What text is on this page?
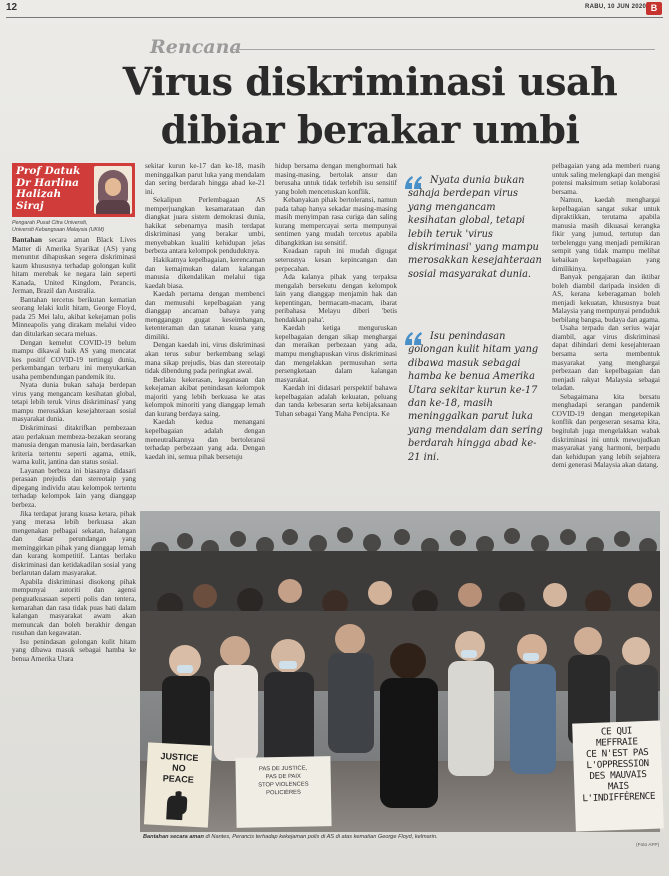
12	RABU, 10 JUN 2020 B
Rencana
Virus diskriminasi usah
dibiar berakar umbi
Prof Datuk
Dr Harlina
Halizah
Siraj
Pengarah Pusat Citra Universiti,
Universiti Kebangsaan Malaysia (UKM)

Bantahan secara aman Black Lives Matter di Amerika Syarikat (AS) yang menuntut dihapuskan segera diskriminasi kaum khususnya terhadap golongan kulit hitam merebak ke negara lain seperti Kanada, United Kingdom, Perancis, Jerman, Brazil dan Australia.

Bantahan tercetus berikutan kematian seorang lelaki kulit hitam, George Floyd, pada 25 Mei lalu, akibat kekejaman polis Minneapolis yang dirakam melalui video dan ditularkan secara meluas.

Dengan kemelut COVID-19 belum mampu dikawal baik AS yang mencatat kes positif COVID-19 tertinggi dunia, perkembangan terbaru ini menyukarkan usaha pembendungan pandemik itu.

Nyata dunia bukan sahaja berdepan virus yang mengancam kesihatan global, tetapi lebih teruk 'virus diskriminasi' yang mampu merosakkan kesejahteraan sosial masyarakat dunia.

Diskriminasi ditakrifkan pembezaan atau perlakuan membeza-bezakan seorang manusia dengan manusia lain, berdasarkan kriteria tertentu seperti agama, etnik, warna kulit, jantina dan status sosial.

Layanan berbeza ini biasanya didasari perasaan prejudis dan stereotaip yang dipegang individu atau kelompok tertentu terhadap kelompok lain yang dianggap berbeza.

Jika terdapat jurang kuasa ketara, pihak yang merasa lebih berkuasa akan mengenakan pelbagai sekatan, halangan dan dasar perundangan yang meminggirkan pihak yang dianggap lemah dan kurang kompetitif. Lantas berlaku diskriminasi dan ketidakadilan sosial yang berlarutan dalam masyarakat.

Apabila diskriminasi disokong pihak mempunyai autoriti dan agensi penguatkuasaan seperti polis dan tentera, kemarahan dan rasa tidak puas hati dalam kalangan masyarakat awam akan memuncak dan boleh berakhir dengan rusuhan dan kegawatan.

Isu penindasan golongan kulit hitam yang dibawa masuk sebagai hamba ke benua Amerika Utara

sekitar kurun ke-17 dan ke-18, masih meninggalkan parut luka yang mendalam dan sering berdarah hingga abad ke-21 ini.

Sekalipun Perlembagaan AS memperjuangkan kesamarataan dan diangkat juara sistem demokrasi dunia, hakikat sebenarnya masih terdapat diskriminasi yang berakar umbi, menyebabkan kualiti kehidupan jelas berbeza antara kelompok penduduknya.

Hakikatnya kepelbagaian, kerencaman dan kemajmukan dalam kalangan manusia dikendalikan melalui tiga kaedah biasa.

Kaedah pertama dengan membenci dan memusuhi kepelbagaian yang dianggap ancaman bahaya yang mengganggu gugat keseimbangan, ketenteraman dan tatanan kuasa yang dimiliki.

Dengan kaedah ini, virus diskriminasi akan terus subur berkembang selagi mana sikap prejudis, bias dan stereotaip tidak dibendung pada peringkat awal.

Berlaku kekerasan, keganasan dan kekejaman akibat penindasan kelompok majoriti yang lebih berkuasa ke atas kelompok minoriti yang dianggap lemah dan kurang berdaya saing.

Kaedah kedua menangani kepelbagaian adalah dengan meneutralkannya dan bertoleransi terhadap perbezaan yang ada. Dengan kaedah ini, semua pihak bersetuju

hidup bersama dengan menghormati hak masing-masing, bertolak ansur dan berusaha untuk tidak terlebih isu sensitif yang boleh mencetuskan konflik.

Kebanyakan pihak bertoleransi, namun pada tahap hanya sekadar masing-masing masih menyimpan rasa curiga dan saling kurang mempercayai serta mempunyai sentimen yang mudah tercetus apabila dibangkitkan isu sensitif.

Keadaan rapuh ini mudah digugat seterusnya kesan kepincangan dan perpecahan.

Ada kalanya pihak yang terpaksa mengalah bersekutu dengan kelompok lain yang dianggap menjamin hak dan kepentingan, bermacam-macam, ibarat peribahasa Melayu diberi 'betis hendakkan paha'.

Kaedah ketiga menguruskan kepelbagaian dengan sikap menghargai dan meraikan perbezaan yang ada, mampu menghapuskan virus diskriminasi dan mengelakkan permusuhan serta persengketaan dalam kalangan masyarakat.

Kaedah ini didasari perspektif bahawa kepelbagaian adalah kekuatan, peluang dan tanda kebesaran serta kebijaksanaan Tuhan sebagai Yang Maha Pencipta. Ke

Nyata dunia bukan sahaja berdepan virus yang mengancam kesihatan global, tetapi lebih teruk 'virus diskriminasi' yang mampu merosakkan kesejahteraan sosial masyarakat dunia.
Isu penindasan golongan kulit hitam yang dibawa masuk sebagai hamba ke benua Amerika Utara sekitar kurun ke-17 dan ke-18, masih meninggalkan parut luka yang mendalam dan sering berdarah hingga abad ke-21 ini.

pelbagaian yang ada memberi ruang untuk saling melengkapi dan mengisi potensi maksimum setiap kolaborasi bersama.

Namun, kaedah menghargai kepelbagaian sangat sukar untuk dipraktikkan, terutama apabila manusia masih dikuasai kerangka fikir yang jumud, tertutup dan terbelenggu yang menjadi pemikiran sempit yang tidak mampu melihat kebaikan kepelbagaian yang dimilikinya.

Banyak pengajaran dan iktibar boleh diambil daripada insiden di AS, kerana keberagaman boleh menjadi kekuatan, khususnya buat Malaysia yang mempunyai penduduk berbilang bangsa, budaya dan agama.

Usaha terpadu dan serius wajar diambil, agar virus diskriminasi dapat dihindari demi kesejahteraan bersama serta membentuk masyarakat yang menghargai perbezaan dan kepelbagaian dan menjadi rakyat Malaysia sebagai teladan.

Sebagaimana kita bersatu menghadapi serangan pandemik COVID-19 dengan mengetepikan konflik dan pergeseran sesama kita, begitulah juga mengelakkan wabak diskriminasi ini untuk mewujudkan masyarakat yang harmoni, berpadu dan kehidupan yang lebih sejahtera demi generasi Malaysia akan datang.

JUSTICE
NO
PEACE
PAS DE JUSTICE,
PAS DE PAIX
STOP VIOLENCES
POLICIÈRES
CE QUI
MEFFRAIE
CE N'EST PAS
L'OPPRESSION
DES MAUVAIS
MAIS
L'INDIFFÉRENCE
Bantahan secara aman di Nantes, Perancis terhadap kekejaman polis di AS di atas kematian George Floyd, kelmarin.
(Foto AFP)
